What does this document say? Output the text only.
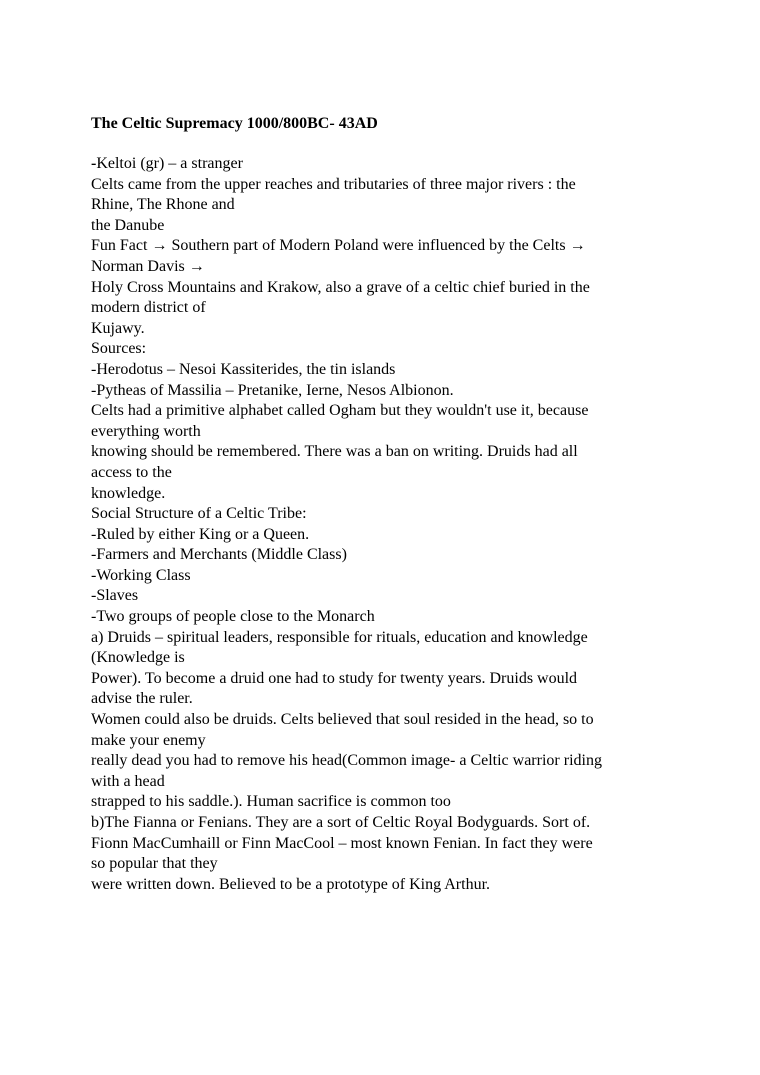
The Celtic Supremacy 1000/800BC- 43AD
-Keltoi (gr) – a stranger
Celts came from the upper reaches and tributaries of three major rivers : the
Rhine, The Rhone and
the Danube
Fun Fact → Southern part of Modern Poland were influenced by the Celts →
Norman Davis →
Holy Cross Mountains and Krakow, also a grave of a celtic chief buried in the
modern district of
Kujawy.
Sources:
-Herodotus – Nesoi Kassiterides, the tin islands
-Pytheas of Massilia – Pretanike, Ierne, Nesos Albionon.
Celts had a primitive alphabet called Ogham but they wouldn't use it, because
everything worth
knowing should be remembered. There was a ban on writing. Druids had all
access to the
knowledge.
Social Structure of a Celtic Tribe:
-Ruled by either King or a Queen.
-Farmers and Merchants (Middle Class)
-Working Class
-Slaves
-Two groups of people close to the Monarch
a) Druids – spiritual leaders, responsible for rituals, education and knowledge
(Knowledge is
Power). To become a druid one had to study for twenty years. Druids would
advise the ruler.
Women could also be druids. Celts believed that soul resided in the head, so to
make your enemy
really dead you had to remove his head(Common image- a Celtic warrior riding
with a head
strapped to his saddle.). Human sacrifice is common too
b)The Fianna or Fenians. They are a sort of Celtic Royal Bodyguards. Sort of.
Fionn MacCumhaill or Finn MacCool – most known Fenian. In fact they were
so popular that they
were written down. Believed to be a prototype of King Arthur.
